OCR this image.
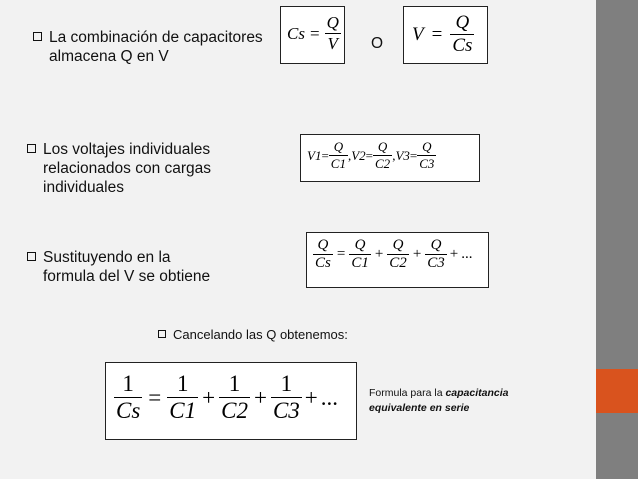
La combinación de capacitores
almacena Q en V
$Cs = \frac{Q}{V}$ O $V = \frac{Q}{Cs}$
Los voltajes individuales
relacionados con cargas
individuales
$V1 = \frac{Q}{C1}$ , $V2 = \frac{Q}{C2}$ , $V3 = \frac{Q}{C3}$
Sustituyendo en la
formula del V se obtiene
$\frac{Q}{Cs} = \frac{Q}{C1} + \frac{Q}{C2} + \frac{Q}{C3}$ + ...
Cancelando las Q obtenemos:
$\frac{1}{Cs} = \frac{1}{C1} + \frac{1}{C2} + \frac{1}{C3}$ + ...	Formula para la capacitancia
equivalente en serie
